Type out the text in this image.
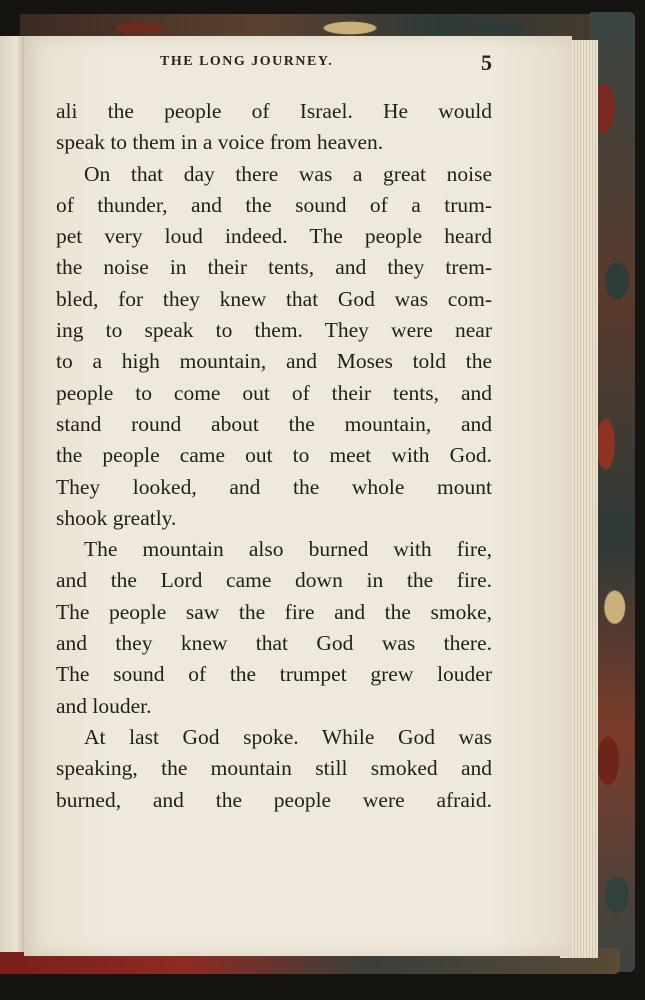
THE LONG JOURNEY.	5
ali the people of Israel. He would
speak to them in a voice from heaven.
On that day there was a great noise
of thunder, and the sound of a trum-
pet very loud indeed. The people heard
the noise in their tents, and they trem-
bled, for they knew that God was com-
ing to speak to them. They were near
to a high mountain, and Moses told the
people to come out of their tents, and
stand round about the mountain, and
the people came out to meet with God.
They looked, and the whole mount
shook greatly.
The mountain also burned with fire,
and the Lord came down in the fire.
The people saw the fire and the smoke,
and they knew that God was there.
The sound of the trumpet grew louder
and louder.
At last God spoke. While God was
speaking, the mountain still smoked and
burned, and the people were afraid.
